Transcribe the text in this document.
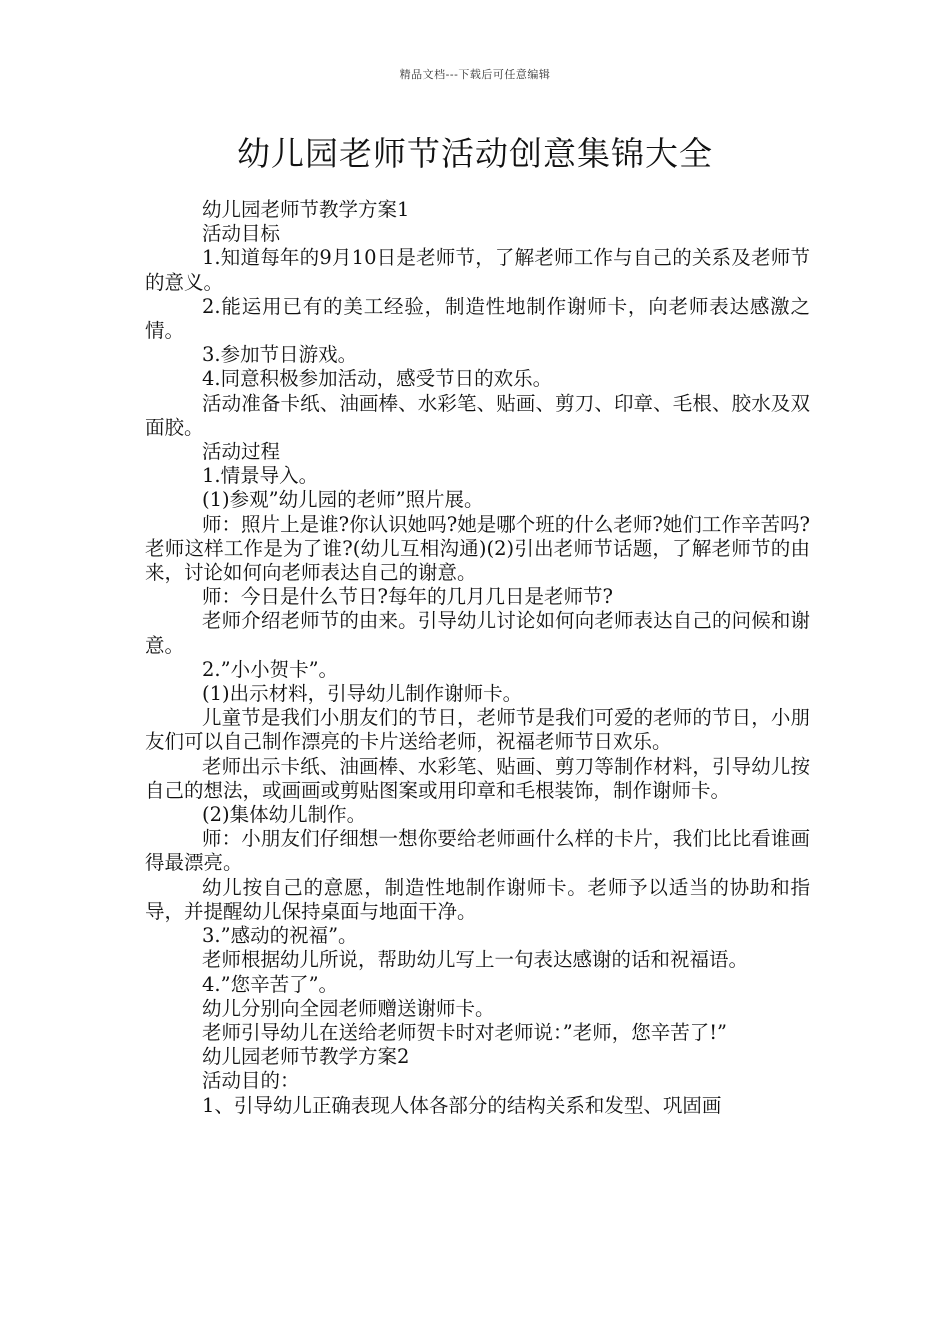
精品文档---下载后可任意编辑
幼儿园老师节活动创意集锦大全

幼儿园老师节教学方案1

活动目标

1.知道每年的9月10日是老师节，了解老师工作与自己的关系及老师节的意义。

2.能运用已有的美工经验，制造性地制作谢师卡，向老师表达感激之情。

3.参加节日游戏。

4.同意积极参加活动，感受节日的欢乐。

活动准备卡纸、油画棒、水彩笔、贴画、剪刀、印章、毛根、胶水及双面胶。

活动过程

1.情景导入。

(1)参观”幼儿园的老师”照片展。

师：照片上是谁?你认识她吗?她是哪个班的什么老师?她们工作辛苦吗?老师这样工作是为了谁?(幼儿互相沟通)(2)引出老师节话题，了解老师节的由来，讨论如何向老师表达自己的谢意。

师：今日是什么节日?每年的几月几日是老师节?

老师介绍老师节的由来。引导幼儿讨论如何向老师表达自己的问候和谢意。

2.”小小贺卡”。

(1)出示材料，引导幼儿制作谢师卡。

儿童节是我们小朋友们的节日，老师节是我们可爱的老师的节日，小朋友们可以自己制作漂亮的卡片送给老师，祝福老师节日欢乐。

老师出示卡纸、油画棒、水彩笔、贴画、剪刀等制作材料，引导幼儿按自己的想法，或画画或剪贴图案或用印章和毛根装饰，制作谢师卡。

(2)集体幼儿制作。

师：小朋友们仔细想一想你要给老师画什么样的卡片，我们比比看谁画得最漂亮。

幼儿按自己的意愿，制造性地制作谢师卡。老师予以适当的协助和指导，并提醒幼儿保持桌面与地面干净。

3.”感动的祝福”。

老师根据幼儿所说，帮助幼儿写上一句表达感谢的话和祝福语。

4.”您辛苦了”。

幼儿分别向全园老师赠送谢师卡。

老师引导幼儿在送给老师贺卡时对老师说：”老师，您辛苦了!”

幼儿园老师节教学方案2

活动目的：

1、引导幼儿正确表现人体各部分的结构关系和发型、巩固画
